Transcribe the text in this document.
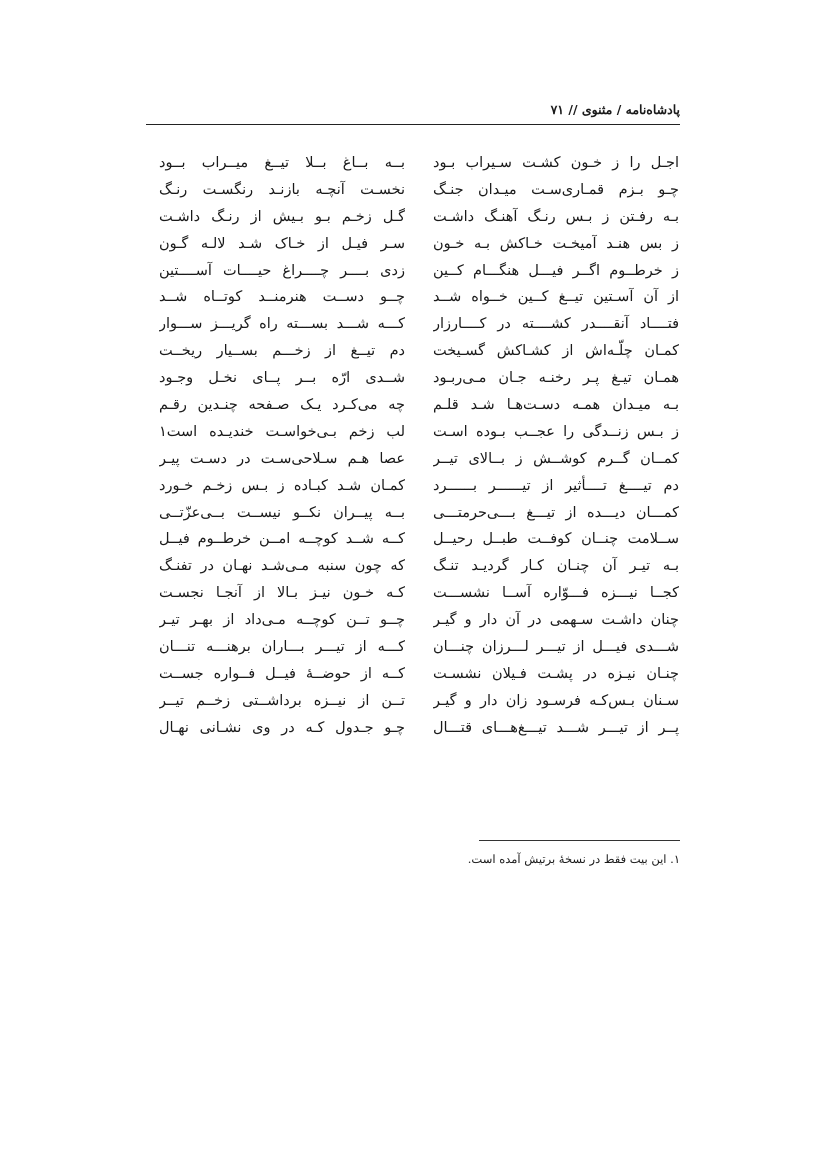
پادشاه‌نامه / مثنوی // ۷۱
اجـل را ز خـون کشـت سـیراب بـود
چـو بـزم قمـاری‌سـت میـدان جنـگ
بـه رفـتن ز بـس رنـگ آهنـگ داشـت
ز بس هنـد آمیخـت خـاکش بـه خـون
ز خرطــوم اگــر فیـــل هنگـــام کــین
از آن آسـتین تیــغ کــین خــواه شــد
فتــــاد آنقــــدر کشــــته در کــــارزار
کمـان چلّـه‌اش از کشـاکش گسـیخت
همـان تیـغ پـر رخنـه جـان مـی‌ربـود
بـه میـدان همـه دسـت‌هـا شـد قلـم
ز بـس زنــدگی را عجــب بـوده اسـت
کمــان گــرم کوشــش ز بــالای تیــر
دم تیــــغ تــــأثیر از تیــــــر بــــــرد
کمـــان دیـــده از تیـــغ بـــی‌حرمتـــی
ســلامت چنــان کوفــت طبــل رحیــل
بـه تیـر آن چنـان کـار گردیـد تنـگ
کجــا نیـــزه فـــوّاره آســا نشســـت
چنان داشـت سـهمی در آن دار و گیـر
شـــدی فیـــل از تیـــر لـــرزان چنـــان
چنـان نیـزه در پشـت فـیلان نشسـت
سـنان بـس‌کـه فرسـود زان دار و گیـر
پــر از تیـــر شـــد تیـــغ‌هـــای قتـــال
بــه بــاغ بــلا تیــغ میــراب بــود
نخسـت آنچـه بازنـد رنگسـت رنـگ
گـل زخـم بـو بـیش از رنـگ داشـت
سـر فیـل از خـاک شـد لالـه گـون
زدی بــــر چــــراغ حیــــات آســــتین
چــو دســت هنرمنــد کوتــاه شــد
کـــه شـــد بســـته راه گریـــز ســـوار
دم تیــغ از زخـــم بســیار ریخــت
شــدی ارّه بــر پــای نخـل وجـود
چه می‌کـرد یـک صـفحه چنـدین رقـم
لب زخم بـی‌خواسـت خندیـده است۱
عصا هـم سـلاحی‌سـت در دسـت پیـر
کمـان شـد کبـاده ز بـس زخـم خـورد
بــه پیــران نکــو نیســت بــی‌عزّتــی
کــه شــد کوچــه امــن خرطــوم فیــل
که چون سنبه مـی‌شـد نهـان در تفنـگ
کـه خـون نیـز بـالا از آنجـا نجسـت
چــو تــن کوچــه مـی‌داد از بهـر تیـر
کـــه از تیـــر بـــاران برهنـــه تنـــان
کــه از حوضــهٔ فیــل فــواره جســت
تــن از نیــزه برداشــتی زخــم تیــر
چـو جـدول کـه در وی نشـانی نهـال
۱. این بیت فقط در نسخهٔ برتیش آمده است.
